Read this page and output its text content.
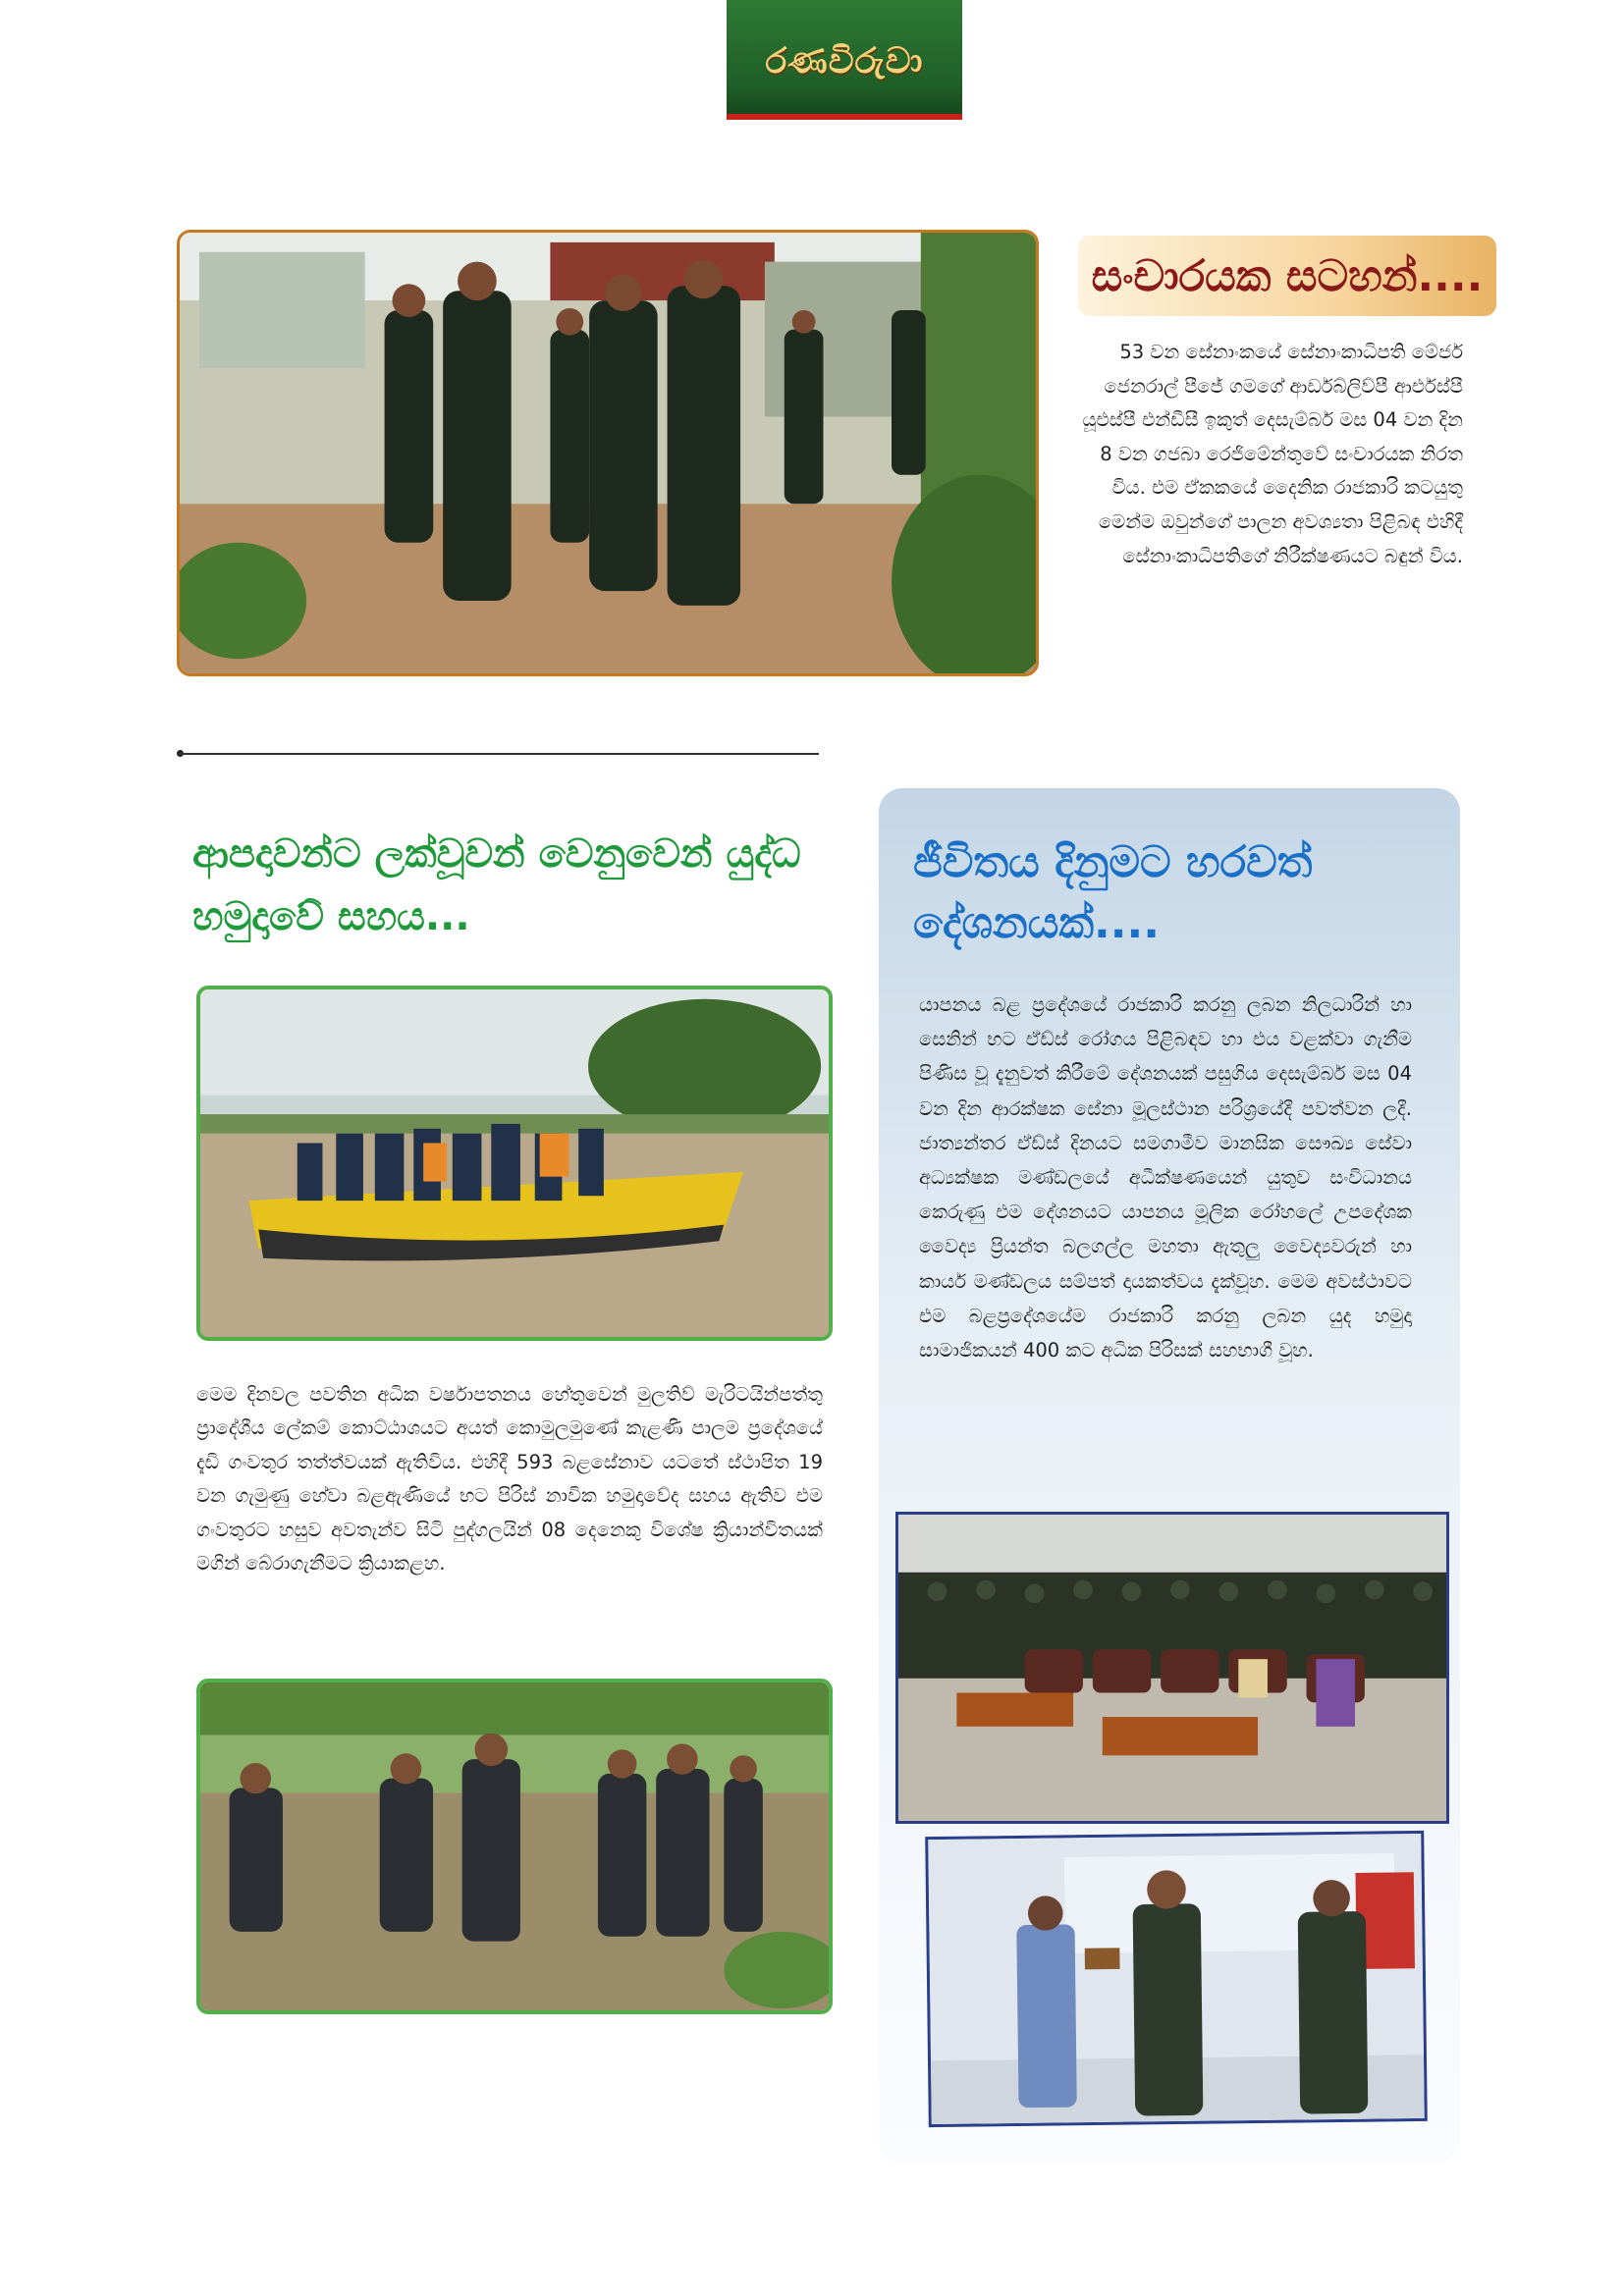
රණවිරුවා
සංචාරයක සටහන්....
53 වන සේනාංකයේ සේනාංකාධිපති මේජර් ජෙනරාල් පීජේ ගමගේ ආර්ඩබ්ලිව්පී ආර්එස්පී යූඑස්පී එන්ඩීසී ඉකුත් දෙසැම්බර් මස 04 වන දින 8 වන ගජබා රෙජිමේන්තුවේ සංචාරයක නිරත විය. එම ඒකකයේ දෛනික රාජකාරි කටයුතු මෙන්ම ඔවුන්ගේ පාලන අවශ්‍යතා පිළිබඳ එහිදී සේනාංකාධිපතිගේ නිරීක්ෂණයට බඳුන් විය.
ආපදාවන්ට ලක්වූවන් වෙනුවෙන් යුද්ධ හමුදාවේ සහය...
මෙම දිනවල පවතින අධික වර්ෂාපතනය හේතුවෙන් මුලතිව් මැරිටයින්පත්තු ප්‍රාදේශීය ලේකම් කොට්ඨාශයට අයත් කොමුලමුණේ කැළණි පාලම ප්‍රදේශයේ දැඩි ගංවතුර තත්ත්වයක් ඇතිවිය. එහිදී 593 බළසේනාව යටතේ ස්ථාපිත 19 වන ගැමුණු හේවා බළඇණියේ භට පිරිස් නාවික හමුදාවේද සහය ඇතිව එම ගංවතුරට හසුව අවතැන්ව සිටි පුද්ගලයින් 08 දෙනෙකු විශේෂ ක්‍රියාන්විතයක් මගින් බේරාගැනීමට ක්‍රියාකළහ.
ජීවිතය දිනුමට හරවත් දේශනයක්....
යාපනය බළ ප්‍රදේශයේ රාජකාරි කරනු ලබන නිලධාරින් හා සෙනින් භට ඒඩ්ස් රෝගය පිළිබඳව හා එය වළක්වා ගැනීම පිණිස වූ දැනුවත් කිරීමේ දේශනයක් පසුගිය දෙසැම්බර් මස 04 වන දින ආරක්ෂක සේනා මූලස්ථාන පරිශ්‍රයේදී පවත්වන ලදී. ජාත්‍යන්තර ඒඩ්ස් දිනයට සමගාමීව මානසික සෞඛ්‍ය සේවා අධ්‍යක්ෂක මණ්ඩලයේ අධීක්ෂණයෙන් යුතුව සංවිධානය කෙරුණු එම දේශනයට යාපනය මූලික රෝහලේ උපදේශක වෛද්‍ය ප්‍රියන්ත බලගල්ල මහතා ඇතුලු වෛද්‍යවරුන් හා කාර්ය මණ්ඩලය සම්පත් දායකත්වය දැක්වූහ. මෙම අවස්ථාවට එම බළප්‍රදේශයේම රාජකාරි කරනු ලබන යුද හමුදා සාමාජිකයන් 400 කට අධික පිරිසක් සහභාගී වූහ.
